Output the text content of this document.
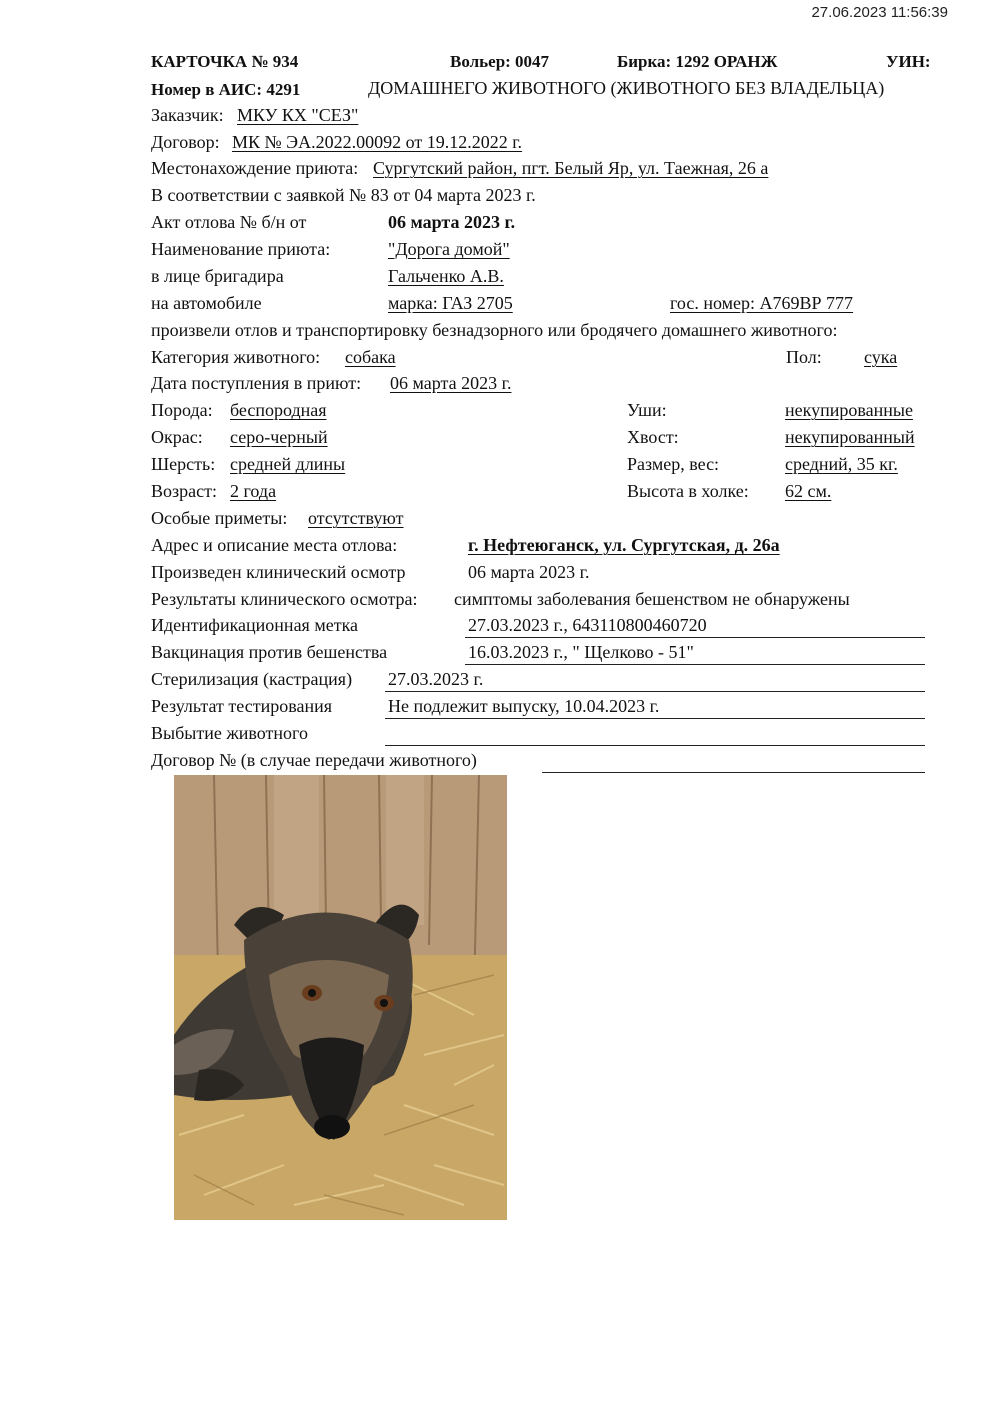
27.06.2023 11:56:39
КАРТОЧКА № 934	Вольер: 0047	Бирка: 1292 ОРАНЖ	УИН:
Номер в АИС: 4291	ДОМАШНЕГО ЖИВОТНОГО (ЖИВОТНОГО БЕЗ ВЛАДЕЛЬЦА)
Заказчик: МКУ КХ "СЕЗ"
Договор: МК № ЭА.2022.00092 от 19.12.2022 г.
Местонахождение приюта: Сургутский район, пгт. Белый Яр, ул. Таежная, 26 а
В соответствии с заявкой № 83 от 04 марта 2023 г.
Акт отлова № б/н от	06 марта 2023 г.
Наименование приюта:	"Дорога домой"
в лице бригадира	Гальченко А.В.
на автомобиле	марка: ГАЗ 2705	гос. номер: А769ВР 777
произвели отлов и транспортировку безнадзорного или бродячего домашнего животного:
Категория животного: собака	Пол: сука
Дата поступления в приют: 06 марта 2023 г.
Порода: беспородная	Уши:	некупированные
Окрас: серо-черный	Хвост:	некупированный
Шерсть: средней длины	Размер, вес:	средний, 35 кг.
Возраст: 2 года	Высота в холке: 62 см.
Особые приметы: отсутствуют
Адрес и описание места отлова:	г. Нефтеюганск, ул. Сургутская, д. 26а
Произведен клинический осмотр	06 марта 2023 г.
Результаты клинического осмотра: симптомы заболевания бешенством не обнаружены
Идентификационная метка	27.03.2023 г., 643110800460720
Вакцинация против бешенства	16.03.2023 г., " Щелково - 51"
Стерилизация (кастрация) 27.03.2023 г.
Результат тестирования	Не подлежит выпуску, 10.04.2023 г.
Выбытие животного
Договор № (в случае передачи животного)
